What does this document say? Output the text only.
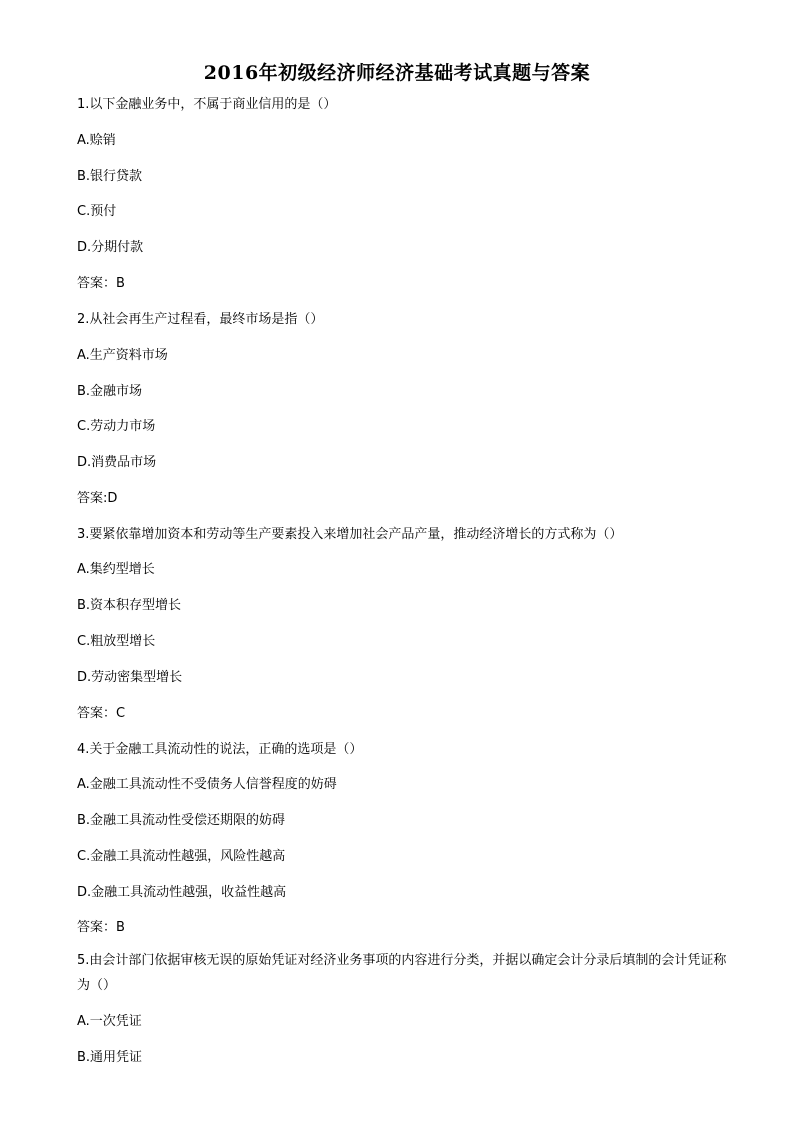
2016年初级经济师经济基础考试真题与答案
1.以下金融业务中，不属于商业信用的是（）
A.赊销
B.银行贷款
C.预付
D.分期付款
答案：B
2.从社会再生产过程看，最终市场是指（）
A.生产资料市场
B.金融市场
C.劳动力市场
D.消费品市场
答案:D
3.要紧依靠增加资本和劳动等生产要素投入来增加社会产品产量，推动经济增长的方式称为（）
A.集约型增长
B.资本积存型增长
C.粗放型增长
D.劳动密集型增长
答案：C
4.关于金融工具流动性的说法，正确的选项是（）
A.金融工具流动性不受债务人信誉程度的妨碍
B.金融工具流动性受偿还期限的妨碍
C.金融工具流动性越强，风险性越高
D.金融工具流动性越强，收益性越高
答案：B
5.由会计部门依据审核无误的原始凭证对经济业务事项的内容进行分类，并据以确定会计分录后填制的会计凭证称为（）
A.一次凭证
B.通用凭证
